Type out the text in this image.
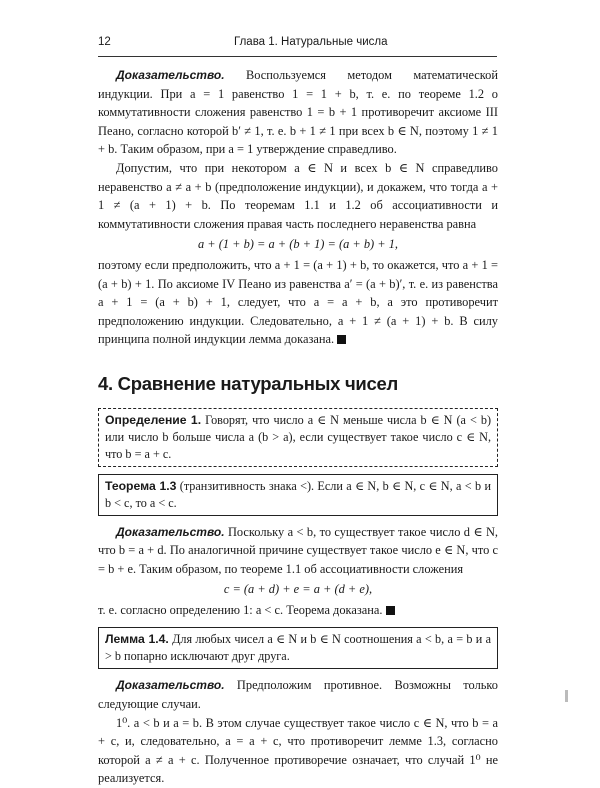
12	Глава 1. Натуральные числа

Доказательство. Воспользуемся методом математической индукции. При a = 1 равенство 1 = 1 + b, т. е. по теореме 1.2 о коммутативности сложения равенство 1 = b + 1 противоречит аксиоме III Пеано, согласно которой b′ ≠ 1, т. е. b + 1 ≠ 1 при всех b ∈ N, поэтому 1 ≠ 1 + b. Таким образом, при a = 1 утверждение справедливо.

Допустим, что при некотором a ∈ N и всех b ∈ N справедливо неравенство a ≠ a + b (предположение индукции), и докажем, что тогда a + 1 ≠ (a + 1) + b. По теоремам 1.1 и 1.2 об ассоциативности и коммутативности сложения правая часть последнего неравенства равна

a + (1 + b) = a + (b + 1) = (a + b) + 1,

поэтому если предположить, что a + 1 = (a + 1) + b, то окажется, что a + 1 = (a + b) + 1. По аксиоме IV Пеано из равенства a′ = (a + b)′, т. е. из равенства a + 1 = (a + b) + 1, следует, что a = a + b, а это противоречит предположению индукции. Следовательно, a + 1 ≠ (a + 1) + b. В силу принципа полной индукции лемма доказана.

4. Сравнение натуральных чисел
Определение 1. Говорят, что число a ∈ N меньше числа b ∈ N (a < b) или число b больше числа a (b > a), если существует такое число c ∈ N, что b = a + c.
Теорема 1.3 (транзитивность знака <). Если a ∈ N, b ∈ N, c ∈ N, a < b и b < c, то a < c.

Доказательство. Поскольку a < b, то существует такое число d ∈ N, что b = a + d. По аналогичной причине существует такое число e ∈ N, что c = b + e. Таким образом, по теореме 1.1 об ассоциативности сложения

c = (a + d) + e = a + (d + e),

т. е. согласно определению 1: a < c. Теорема доказана.

Лемма 1.4. Для любых чисел a ∈ N и b ∈ N соотношения a < b, a = b и a > b попарно исключают друг друга.

Доказательство. Предположим противное. Возможны только следующие случаи.

1⁰. a < b и a = b. В этом случае существует такое число c ∈ N, что b = a + c, и, следовательно, a = a + c, что противоречит лемме 1.3, согласно которой a ≠ a + c. Полученное противоречие означает, что случай 1⁰ не реализуется.
